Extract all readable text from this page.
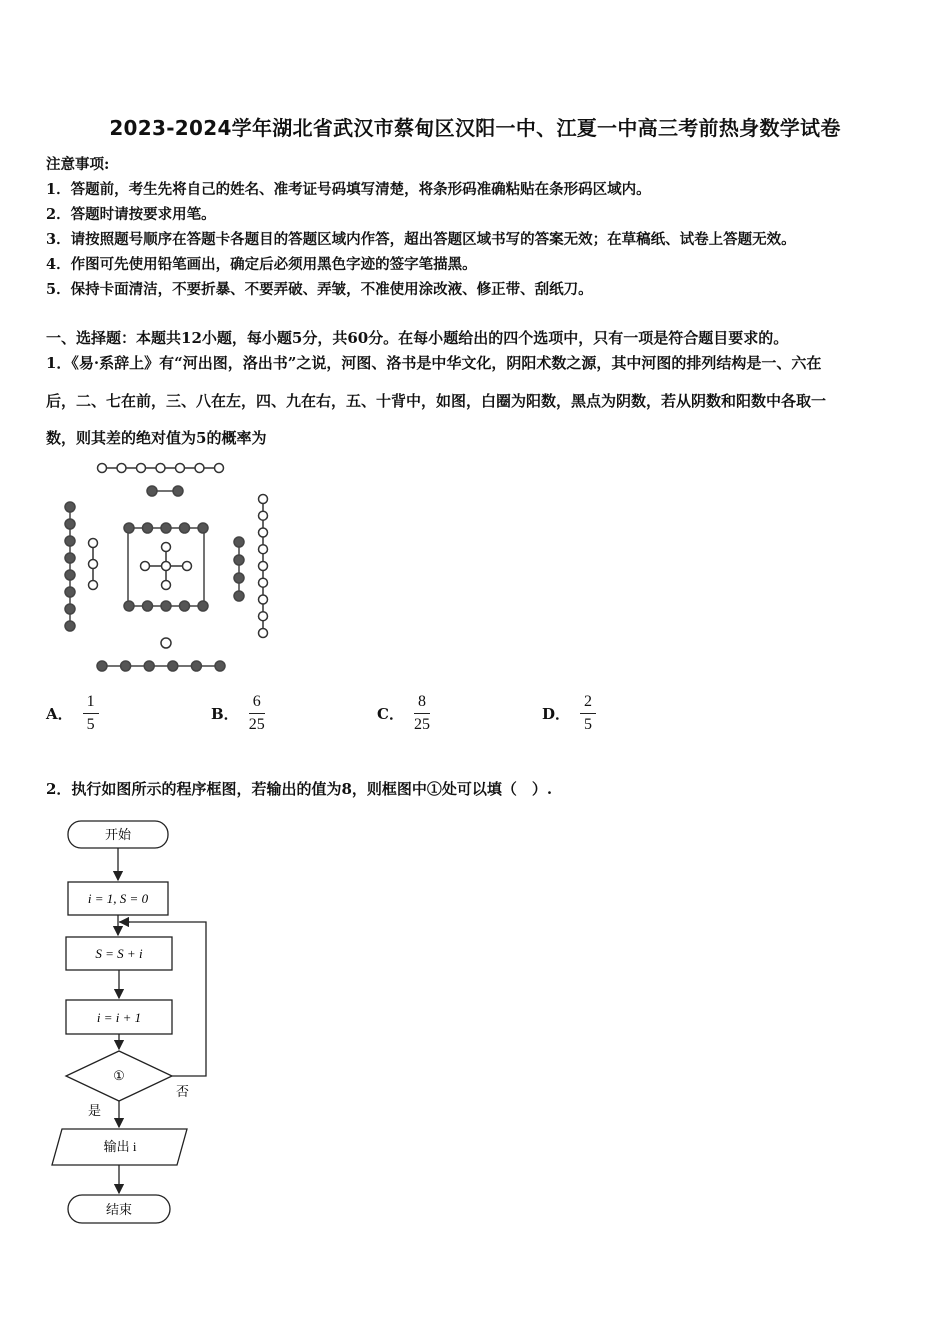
2023-2024学年湖北省武汉市蔡甸区汉阳一中、江夏一中高三考前热身数学试卷
注意事项:
1．答题前，考生先将自己的姓名、准考证号码填写清楚，将条形码准确粘贴在条形码区域内。
2．答题时请按要求用笔。
3．请按照题号顺序在答题卡各题目的答题区域内作答，超出答题区域书写的答案无效；在草稿纸、试卷上答题无效。
4．作图可先使用铅笔画出，确定后必须用黑色字迹的签字笔描黑。
5．保持卡面清洁，不要折暴、不要弄破、弄皱，不准使用涂改液、修正带、刮纸刀。
一、选择题：本题共12小题，每小题5分，共60分。在每小题给出的四个选项中，只有一项是符合题目要求的。
1．《易·系辞上》有“河出图，洛出书”之说，河图、洛书是中华文化，阴阳术数之源，其中河图的排列结构是一、六在
后，二、七在前，三、八在左，四、九在右，五、十背中，如图，白圈为阳数，黑点为阴数，若从阴数和阳数中各取一
数，则其差的绝对值为5的概率为
A． $\frac{1}{5}$	B． $\frac{6}{25}$	C． $\frac{8}{25}$	D． $\frac{2}{5}$
2．执行如图所示的程序框图，若输出的值为8，则框图中①处可以填（　）.
开始
i = 1, S = 0
S = S + i
i = i + 1
①
否
是
输出 i
结束
